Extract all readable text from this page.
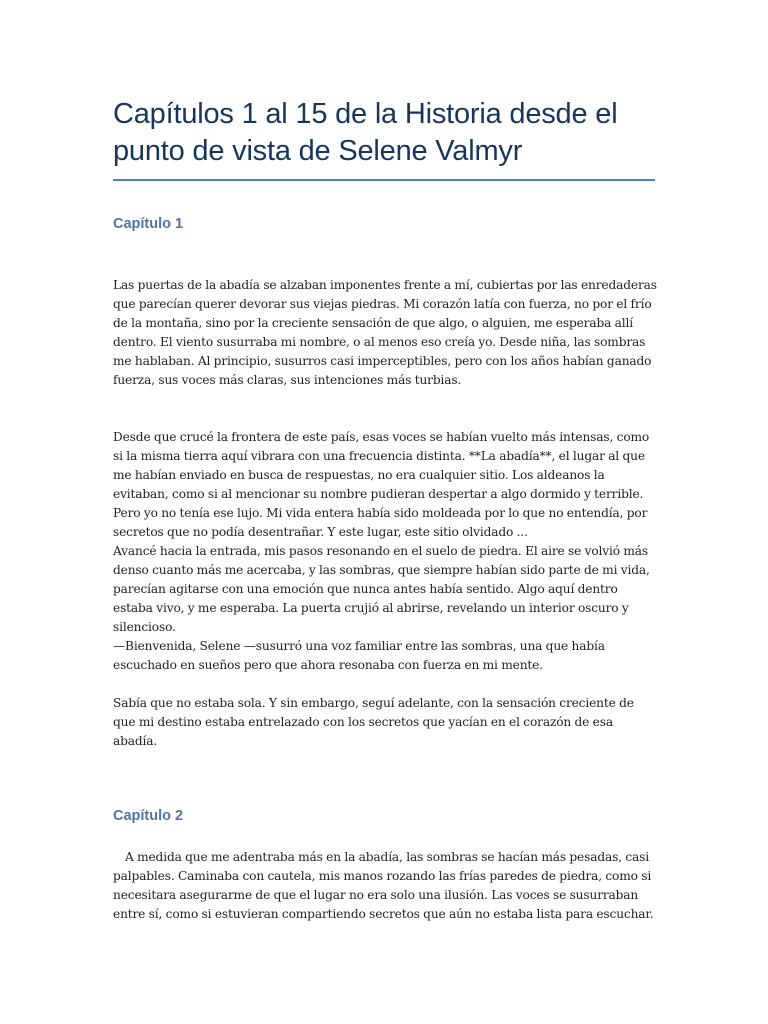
Capítulos 1 al 15 de la Historia desde el punto de vista de Selene Valmyr
Capítulo 1

Las puertas de la abadía se alzaban imponentes frente a mí, cubiertas por las enredaderas que parecían querer devorar sus viejas piedras. Mi corazón latía con fuerza, no por el frío de la montaña, sino por la creciente sensación de que algo, o alguien, me esperaba allí dentro. El viento susurraba mi nombre, o al menos eso creía yo. Desde niña, las sombras me hablaban. Al principio, susurros casi imperceptibles, pero con los años habían ganado fuerza, sus voces más claras, sus intenciones más turbias.

Desde que crucé la frontera de este país, esas voces se habían vuelto más intensas, como si la misma tierra aquí vibrara con una frecuencia distinta. **La abadía**, el lugar al que me habían enviado en busca de respuestas, no era cualquier sitio. Los aldeanos la evitaban, como si al mencionar su nombre pudieran despertar a algo dormido y terrible. Pero yo no tenía ese lujo. Mi vida entera había sido moldeada por lo que no entendía, por secretos que no podía desentrañar. Y este lugar, este sitio olvidado ...

Avancé hacia la entrada, mis pasos resonando en el suelo de piedra. El aire se volvió más denso cuanto más me acercaba, y las sombras, que siempre habían sido parte de mi vida, parecían agitarse con una emoción que nunca antes había sentido. Algo aquí dentro estaba vivo, y me esperaba. La puerta crujió al abrirse, revelando un interior oscuro y silencioso.

—Bienvenida, Selene —susurró una voz familiar entre las sombras, una que había escuchado en sueños pero que ahora resonaba con fuerza en mi mente.

Sabía que no estaba sola. Y sin embargo, seguí adelante, con la sensación creciente de que mi destino estaba entrelazado con los secretos que yacían en el corazón de esa abadía.

Capítulo 2

A medida que me adentraba más en la abadía, las sombras se hacían más pesadas, casi palpables. Caminaba con cautela, mis manos rozando las frías paredes de piedra, como si necesitara asegurarme de que el lugar no era solo una ilusión. Las voces se susurraban entre sí, como si estuvieran compartiendo secretos que aún no estaba lista para escuchar.
